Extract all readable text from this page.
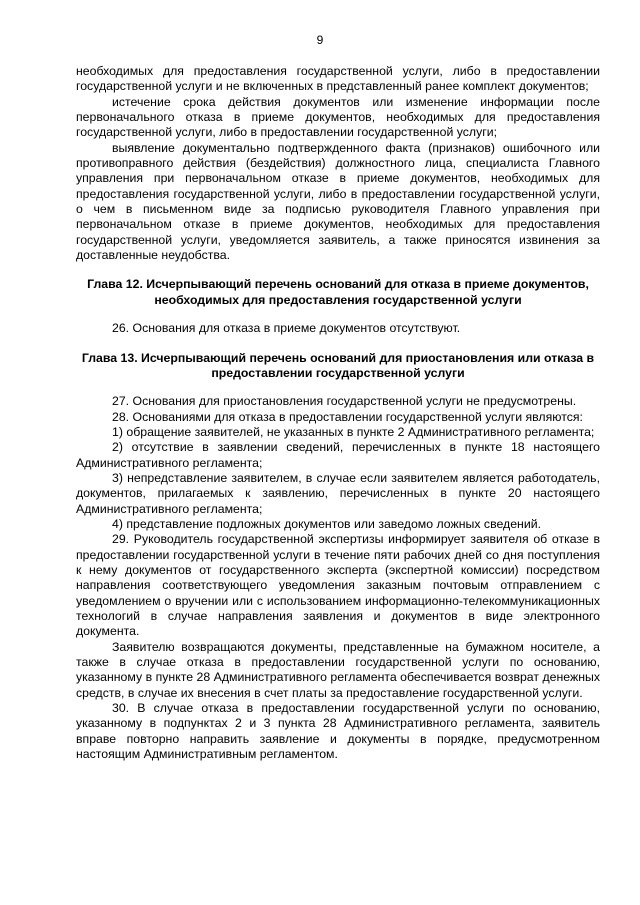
9

необходимых для предоставления государственной услуги, либо в предоставлении государственной услуги и не включенных в представленный ранее комплект документов;

истечение срока действия документов или изменение информации после первоначального отказа в приеме документов, необходимых для предоставления государственной услуги, либо в предоставлении государственной услуги;

выявление документально подтвержденного факта (признаков) ошибочного или противоправного действия (бездействия) должностного лица, специалиста Главного управления при первоначальном отказе в приеме документов, необходимых для предоставления государственной услуги, либо в предоставлении государственной услуги, о чем в письменном виде за подписью руководителя Главного управления при первоначальном отказе в приеме документов, необходимых для предоставления государственной услуги, уведомляется заявитель, а также приносятся извинения за доставленные неудобства.

Глава 12. Исчерпывающий перечень оснований для отказа в приеме документов, необходимых для предоставления государственной услуги

26. Основания для отказа в приеме документов отсутствуют.

Глава 13. Исчерпывающий перечень оснований для приостановления или отказа в предоставлении государственной услуги

27. Основания для приостановления государственной услуги не предусмотрены.

28. Основаниями для отказа в предоставлении государственной услуги являются:

1) обращение заявителей, не указанных в пункте 2 Административного регламента;

2) отсутствие в заявлении сведений, перечисленных в пункте 18 настоящего Административного регламента;

3) непредставление заявителем, в случае если заявителем является работодатель, документов, прилагаемых к заявлению, перечисленных в пункте 20 настоящего Административного регламента;

4) представление подложных документов или заведомо ложных сведений.

29. Руководитель государственной экспертизы информирует заявителя об отказе в предоставлении государственной услуги в течение пяти рабочих дней со дня поступления к нему документов от государственного эксперта (экспертной комиссии) посредством направления соответствующего уведомления заказным почтовым отправлением с уведомлением о вручении или с использованием информационно-телекоммуникационных технологий в случае направления заявления и документов в виде электронного документа.

Заявителю возвращаются документы, представленные на бумажном носителе, а также в случае отказа в предоставлении государственной услуги по основанию, указанному в пункте 28 Административного регламента обеспечивается возврат денежных средств, в случае их внесения в счет платы за предоставление государственной услуги.

30. В случае отказа в предоставлении государственной услуги по основанию, указанному в подпунктах 2 и 3 пункта 28 Административного регламента, заявитель вправе повторно направить заявление и документы в порядке, предусмотренном настоящим Административным регламентом.
